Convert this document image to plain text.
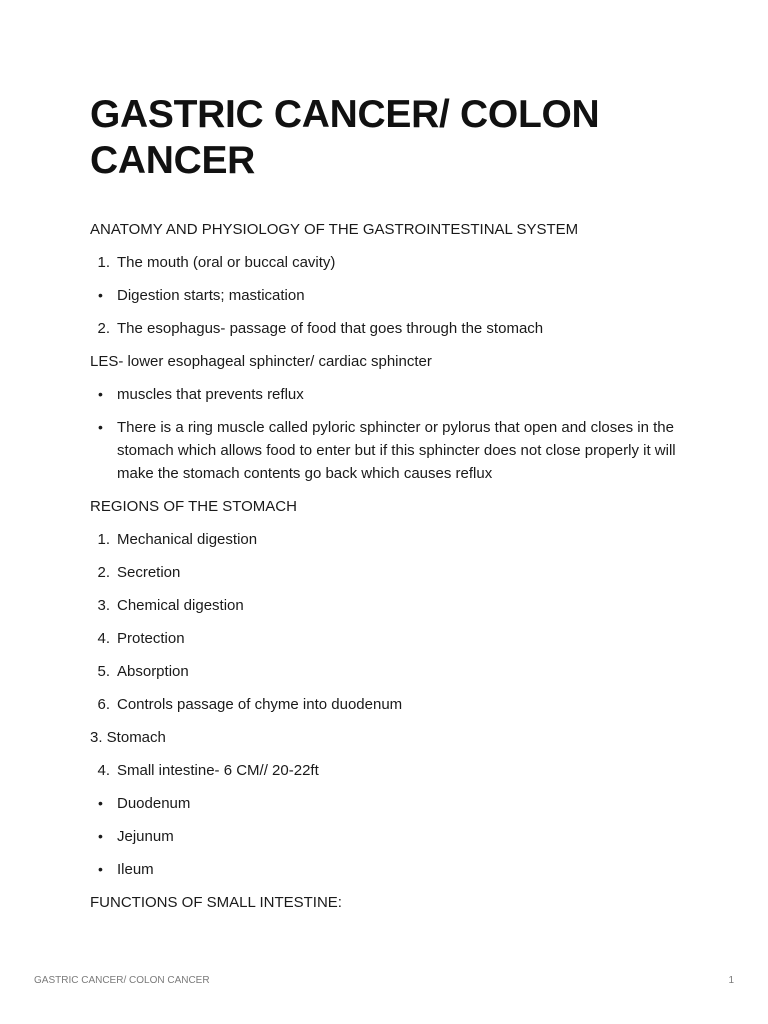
GASTRIC CANCER/ COLON CANCER
ANATOMY AND PHYSIOLOGY OF THE GASTROINTESTINAL SYSTEM
1. The mouth (oral or buccal cavity)
• Digestion starts; mastication
2. The esophagus- passage of food that goes through the stomach
LES- lower esophageal sphincter/ cardiac sphincter
• muscles that prevents reflux
• There is a ring muscle called pyloric sphincter or pylorus that open and closes in the stomach which allows food to enter but if this sphincter does not close properly it will make the stomach contents go back which causes reflux
REGIONS OF THE STOMACH
1. Mechanical digestion
2. Secretion
3. Chemical digestion
4. Protection
5. Absorption
6. Controls passage of chyme into duodenum
3. Stomach
4. Small intestine- 6 CM// 20-22ft
• Duodenum
• Jejunum
• Ileum
FUNCTIONS OF SMALL INTESTINE:
GASTRIC CANCER/ COLON CANCER	1
